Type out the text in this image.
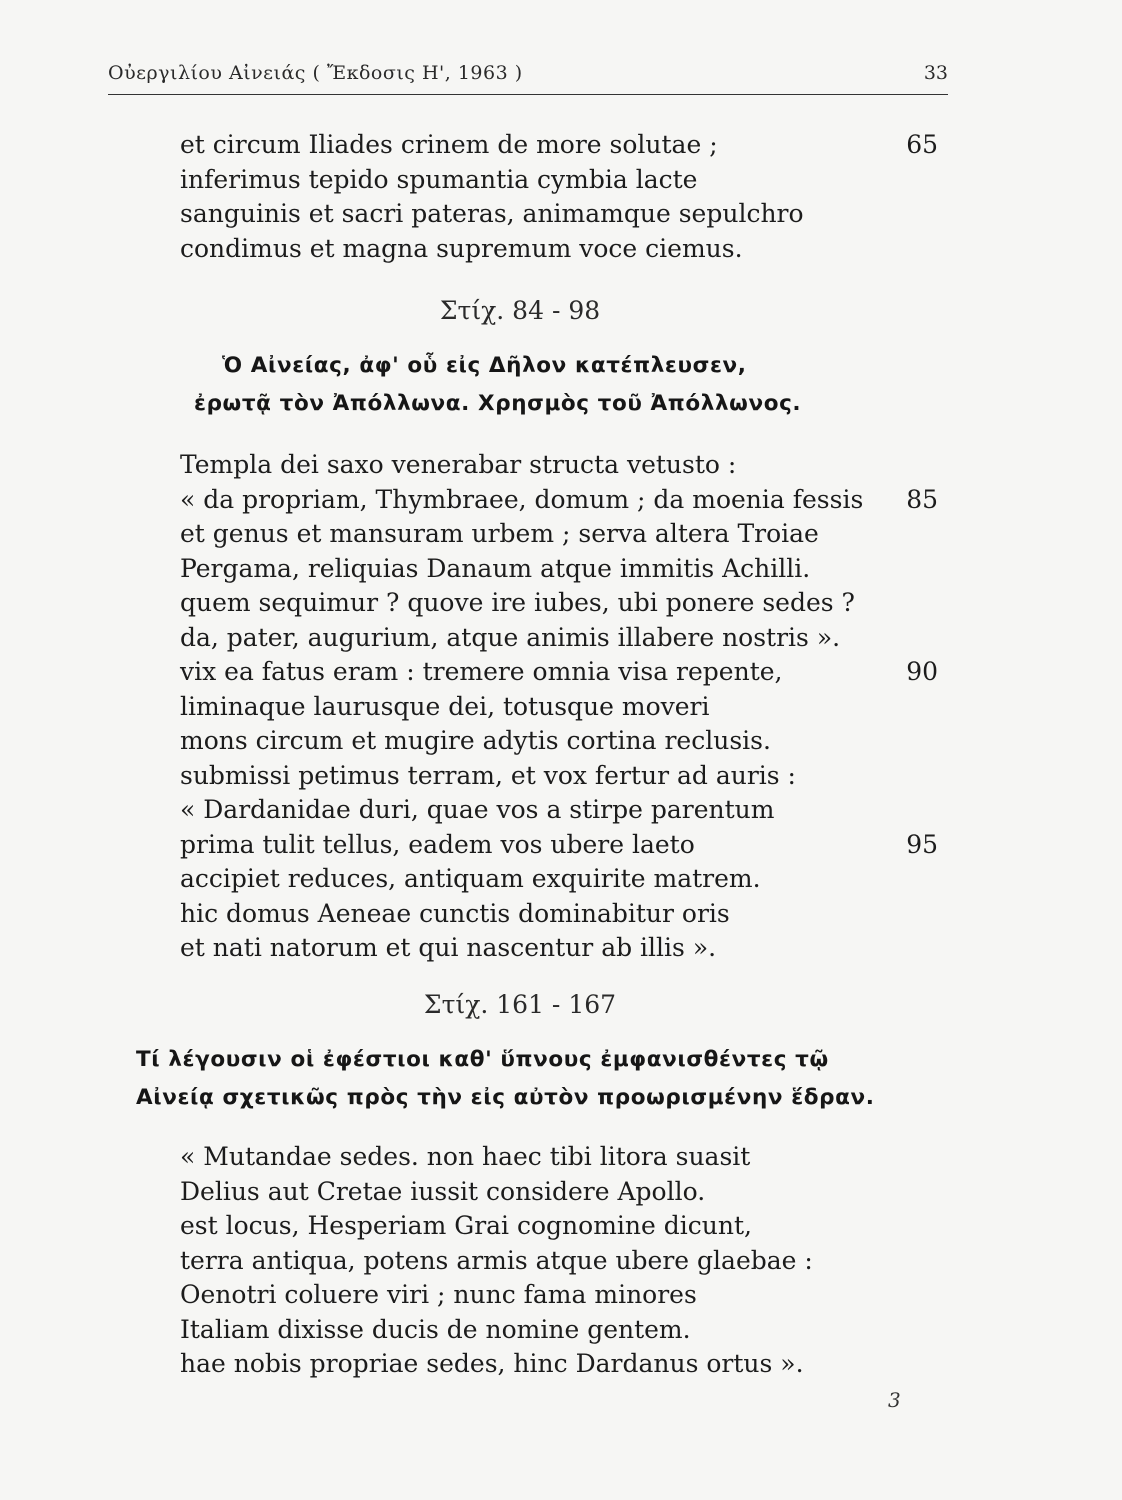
Οὐεργιλίου Αἰνειάς ( Ἔκδοσις Η', 1963 )	33
et circum Iliades crinem de more solutae ;	65
inferimus tepido spumantia cymbia lacte
sanguinis et sacri pateras, animamque sepulchro
condimus et magna supremum voce ciemus.
Στίχ. 84 - 98
Ὁ Αἰνείας, ἀφ' οὗ εἰς Δῆλον κατέπλευσεν,
ἐρωτᾷ τὸν Ἀπόλλωνα. Χρησμὸς τοῦ Ἀπόλλωνος.
Templa dei saxo venerabar structa vetusto :
« da propriam, Thymbraee, domum ; da moenia fessis 85
et genus et mansuram urbem ; serva altera Troiae
Pergama, reliquias Danaum atque immitis Achilli.
quem sequimur ? quove ire iubes, ubi ponere sedes ?
da, pater, augurium, atque animis illabere nostris ».
vix ea fatus eram : tremere omnia visa repente,	90
liminaque laurusque dei, totusque moveri
mons circum et mugire adytis cortina reclusis.
submissi petimus terram, et vox fertur ad auris :
« Dardanidae duri, quae vos a stirpe parentum
prima tulit tellus, eadem vos ubere laeto	95
accipiet reduces, antiquam exquirite matrem.
hic domus Aeneae cunctis dominabitur oris
et nati natorum et qui nascentur ab illis ».
Στίχ. 161 - 167
Τί λέγουσιν οἱ ἐφέστιοι καθ' ὕπνους ἐμφανισθέντες τῷ
Αἰνείᾳ σχετικῶς πρὸς τὴν εἰς αὐτὸν προωρισμένην ἕδραν.
« Mutandae sedes. non haec tibi litora suasit
Delius aut Cretae iussit considere Apollo.
est locus, Hesperiam Grai cognomine dicunt,
terra antiqua, potens armis atque ubere glaebae :
Oenotri coluere viri ; nunc fama minores
Italiam dixisse ducis de nomine gentem.
hae nobis propriae sedes, hinc Dardanus ortus ».
3
